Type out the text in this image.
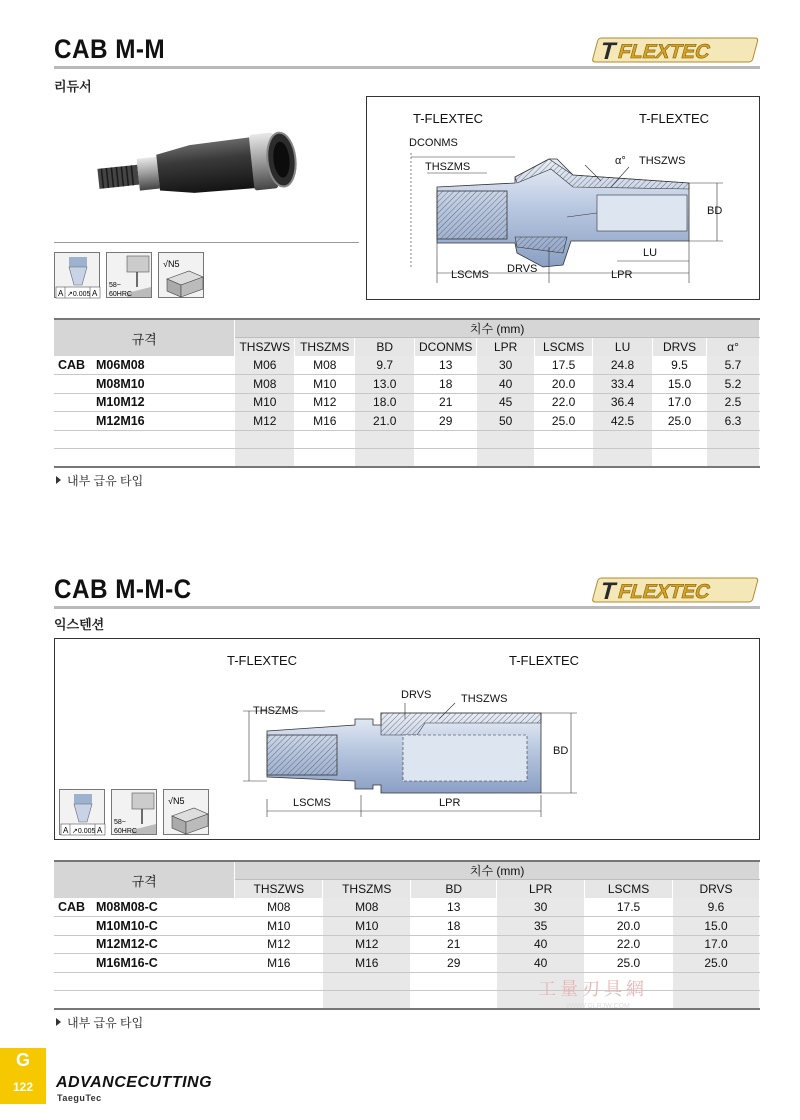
CAB M-M
리듀서
T
FLEXTEC
A ↗0.005 A
58~
60HRC
√N5
T-FLEXTEC	T-FLEXTEC
DCONMS
THSZMS	α° THSZWS
BD
LU
LSCMS DRVS	LPR
규격	치수 (mm)								
	THSZWS	THSZMS	BD	DCONMS	LPR	LSCMS	LU	DRVS	α°
CAB M06M08	M06	M08	9.7	13	30	17.5	24.8	9.5	5.7
M08M10	M08	M10	13.0	18	40	20.0	33.4	15.0	5.2
M10M12	M10	M12	18.0	21	45	22.0	36.4	17.0	2.5
M12M16	M12	M16	21.0	29	50	25.0	42.5	25.0	6.3

내부 급유 타입
CAB M-M-C
익스텐션
T
FLEXTEC
T-FLEXTEC	T-FLEXTEC
DRVS	THSZWS
THSZMS
BD
LSCMS	LPR
A ↗0.005 A
58~
60HRC
√N5
규격	치수 (mm)					
	THSZWS	THSZMS	BD	LPR	LSCMS	DRVS
CAB M08M08-C	M08	M08	13	30	17.5	9.6
M10M10-C	M10	M10	18	35	20.0	15.0
M12M12-C	M12	M12	21	40	22.0	17.0
M16M16-C	M16	M16	29	40	25.0	25.0

내부 급유 타입
工量刃具網
WWW.GLRJW.COM
G
122	ADVANCECUTTING
TaeguTec
